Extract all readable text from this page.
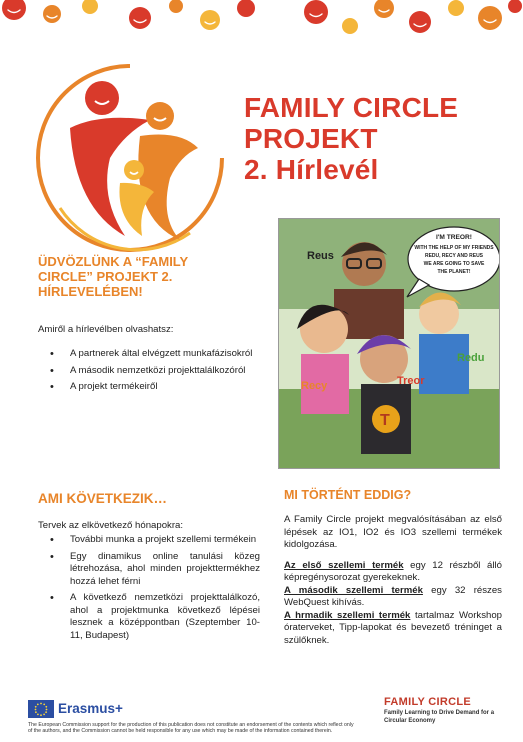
FAMILY CIRCLE
PROJEKT
2. Hírlevél
I'M TREOR!
WITH THE HELP OF MY FRIENDS
REDU, RECY AND REUS
WE ARE GOING TO SAVE
THE PLANET!
T
Reus
Redu
Recy	Treor
ÜDVÖZLÜNK A “FAMILY
CIRCLE” PROJEKT 2.
HÍRLEVELÉBEN!
Amiről a hírlevélben olvashatsz:
• A partnerek által elvégzett munkafázisokról
• A második nemzetközi projekttalálkozóról
• A projekt termékeiről
AMI KÖVETKEZIK…
Tervek az elkövetkező hónapokra:
• További munka a projekt szellemi termékein
• Egy dinamikus online tanulási közeg létrehozása, ahol minden projekttermékhez hozzá lehet férni
• A következő nemzetközi projekttalálkozó, ahol a projektmunka következő lépései lesznek a középpontban (Szeptember 10-11, Budapest)
MI TÖRTÉNT EDDIG?

A Family Circle projekt megvalósításában az első lépések az IO1, IO2 és IO3 szellemi termékek kidolgozása.

Az első szellemi termék egy 12 részből álló képregénysorozat gyerekeknek.

A második szellemi termék egy 32 részes WebQuest kihívás.

A hrmadik szellemi termék tartalmaz Workshop óraterveket, Tipp-lapokat és bevezető tréninget a szülőknek.

Erasmus+
The European Commission support for the production of this publication does not constitute an endorsement of the contents which reflect only of the authors, and the Commission cannot be held responsible for any use which may be made of the information contained therein.
FAMILY CIRCLE
Family Learning to Drive Demand for a Circular Economy
